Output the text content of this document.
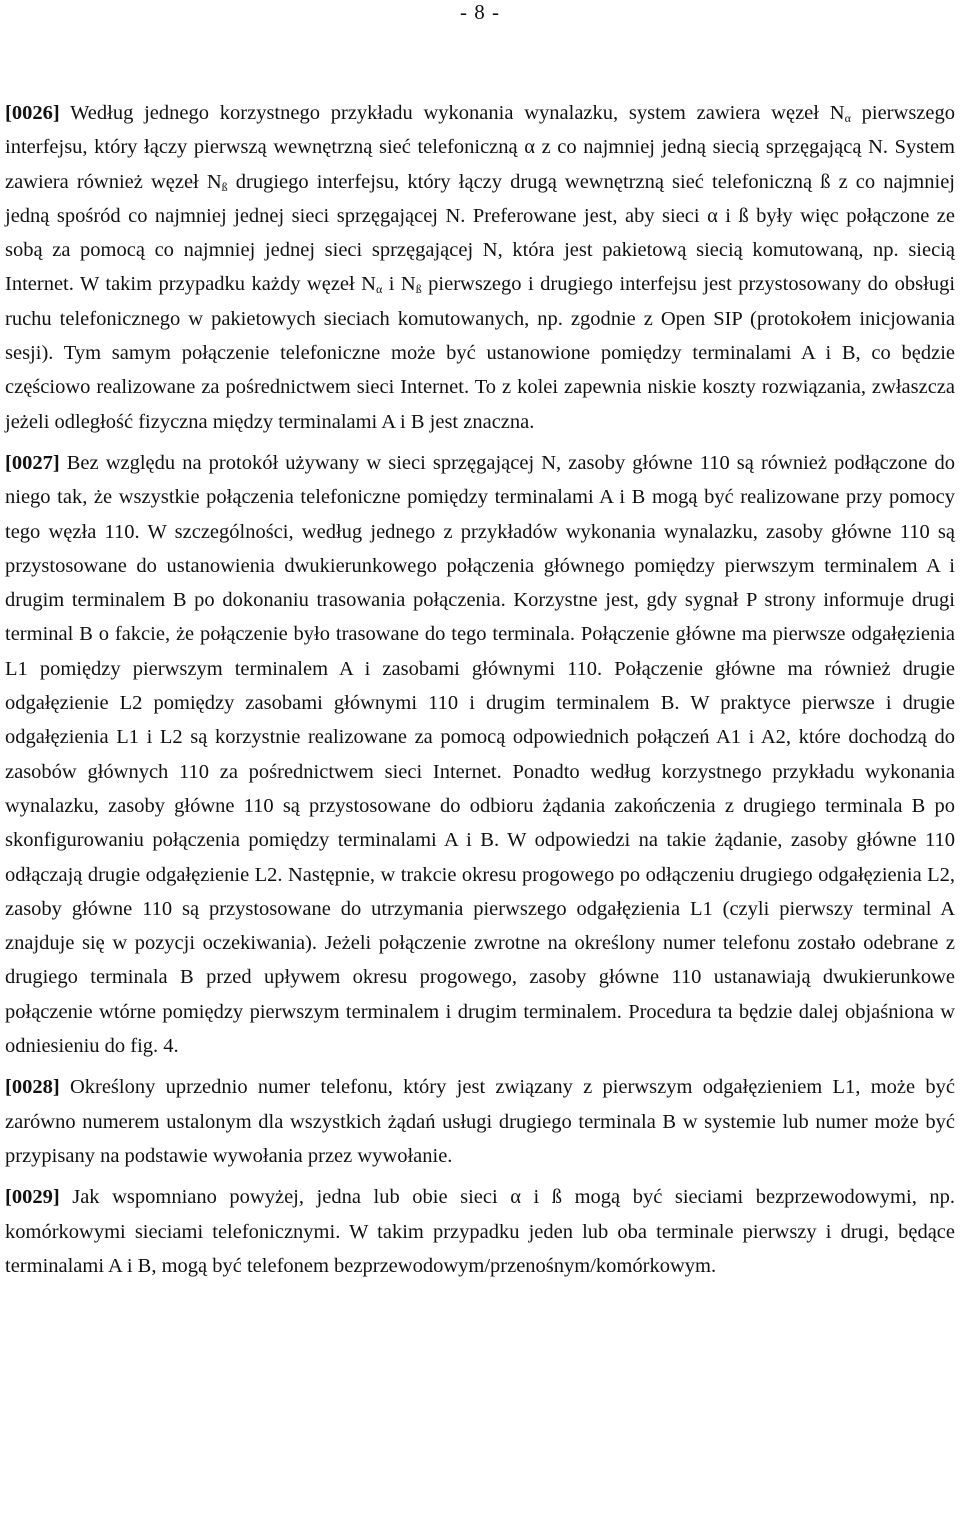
- 8 -

[0026] Według jednego korzystnego przykładu wykonania wynalazku, system zawiera węzeł $N_\alpha$ pierwszego interfejsu, który łączy pierwszą wewnętrzną sieć telefoniczną α z co najmniej jedną siecią sprzęgającą N. System zawiera również węzeł $N_ß$ drugiego interfejsu, który łączy drugą wewnętrzną sieć telefoniczną ß z co najmniej jedną spośród co najmniej jednej sieci sprzęgającej N. Preferowane jest, aby sieci α i ß były więc połączone ze sobą za pomocą co najmniej jednej sieci sprzęgającej N, która jest pakietową siecią komutowaną, np. siecią Internet. W takim przypadku każdy węzeł $N_\alpha$ i $N_ß$ pierwszego i drugiego interfejsu jest przystosowany do obsługi ruchu telefonicznego w pakietowych sieciach komutowanych, np. zgodnie z Open SIP (protokołem inicjowania sesji). Tym samym połączenie telefoniczne może być ustanowione pomiędzy terminalami A i B, co będzie częściowo realizowane za pośrednictwem sieci Internet. To z kolei zapewnia niskie koszty rozwiązania, zwłaszcza jeżeli odległość fizyczna między terminalami A i B jest znaczna.

[0027] Bez względu na protokół używany w sieci sprzęgającej N, zasoby główne 110 są również podłączone do niego tak, że wszystkie połączenia telefoniczne pomiędzy terminalami A i B mogą być realizowane przy pomocy tego węzła 110. W szczególności, według jednego z przykładów wykonania wynalazku, zasoby główne 110 są przystosowane do ustanowienia dwukierunkowego połączenia głównego pomiędzy pierwszym terminalem A i drugim terminalem B po dokonaniu trasowania połączenia. Korzystne jest, gdy sygnał P strony informuje drugi terminal B o fakcie, że połączenie było trasowane do tego terminala. Połączenie główne ma pierwsze odgałęzienia L1 pomiędzy pierwszym terminalem A i zasobami głównymi 110. Połączenie główne ma również drugie odgałęzienie L2 pomiędzy zasobami głównymi 110 i drugim terminalem B. W praktyce pierwsze i drugie odgałęzienia L1 i L2 są korzystnie realizowane za pomocą odpowiednich połączeń A1 i A2, które dochodzą do zasobów głównych 110 za pośrednictwem sieci Internet. Ponadto według korzystnego przykładu wykonania wynalazku, zasoby główne 110 są przystosowane do odbioru żądania zakończenia z drugiego terminala B po skonfigurowaniu połączenia pomiędzy terminalami A i B. W odpowiedzi na takie żądanie, zasoby główne 110 odłączają drugie odgałęzienie L2. Następnie, w trakcie okresu progowego po odłączeniu drugiego odgałęzienia L2, zasoby główne 110 są przystosowane do utrzymania pierwszego odgałęzienia L1 (czyli pierwszy terminal A znajduje się w pozycji oczekiwania). Jeżeli połączenie zwrotne na określony numer telefonu zostało odebrane z drugiego terminala B przed upływem okresu progowego, zasoby główne 110 ustanawiają dwukierunkowe połączenie wtórne pomiędzy pierwszym terminalem i drugim terminalem. Procedura ta będzie dalej objaśniona w odniesieniu do fig. 4.

[0028] Określony uprzednio numer telefonu, który jest związany z pierwszym odgałęzieniem L1, może być zarówno numerem ustalonym dla wszystkich żądań usługi drugiego terminala B w systemie lub numer może być przypisany na podstawie wywołania przez wywołanie.

[0029] Jak wspomniano powyżej, jedna lub obie sieci α i ß mogą być sieciami bezprzewodowymi, np. komórkowymi sieciami telefonicznymi. W takim przypadku jeden lub oba terminale pierwszy i drugi, będące terminalami A i B, mogą być telefonem bezprzewodowym/przenośnym/komórkowym.
